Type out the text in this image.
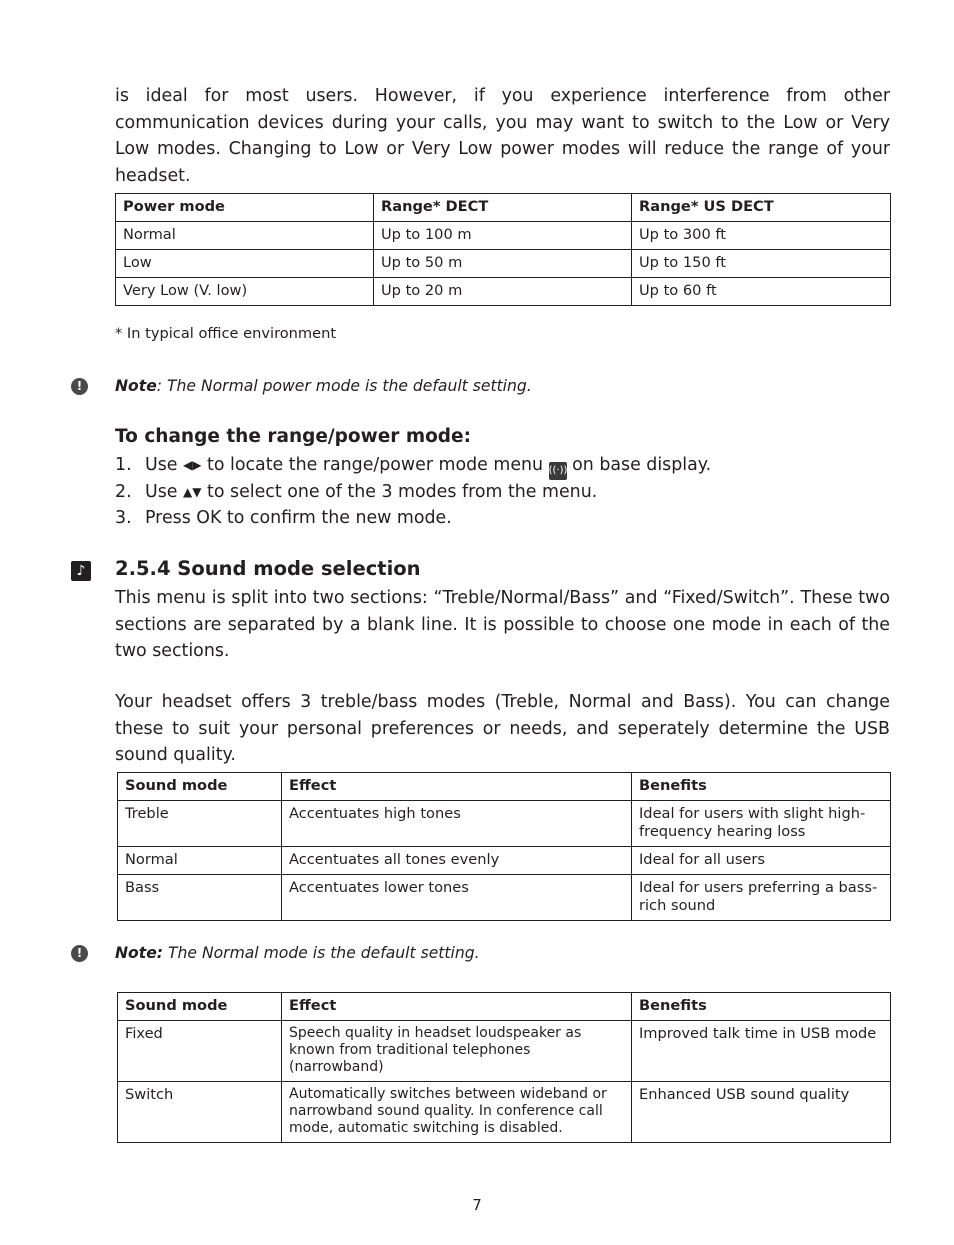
is ideal for most users. However, if you experience interference from other communication devices during your calls, you may want to switch to the Low or Very Low modes. Changing to Low or Very Low power modes will reduce the range of your headset.

Power mode	Range* DECT	Range* US DECT
Normal	Up to 100 m	Up to 300 ft
Low	Up to 50 m	Up to 150 ft
Very Low (V. low)	Up to 20 m	Up to 60 ft
* In typical office environment
!	Note: The Normal power mode is the default setting.
To change the range/power mode:
1. Use ◀▶ to locate the range/power mode menu ((·)) on base display.
2. Use ▲▼ to select one of the 3 modes from the menu.
3. Press OK to confirm the new mode.
♪ 2.5.4 Sound mode selection

This menu is split into two sections: “Treble/Normal/Bass” and “Fixed/Switch”. These two sections are separated by a blank line. It is possible to choose one mode in each of the two sections.

Your headset offers 3 treble/bass modes (Treble, Normal and Bass). You can change these to suit your personal preferences or needs, and seperately determine the USB sound quality.

Sound mode	Effect	Benefits
Treble	Accentuates high tones	Ideal for users with slight high-frequency hearing loss
Normal	Accentuates all tones evenly	Ideal for all users
Bass	Accentuates lower tones	Ideal for users preferring a bass-rich sound
!	Note: The Normal mode is the default setting.
Sound mode	Effect	Benefits
Fixed	Speech quality in headset loudspeaker as known from traditional telephones (narrowband)	Improved talk time in USB mode
Switch	Automatically switches between wideband or narrowband sound quality. In conference call mode, automatic switching is disabled.	Enhanced USB sound quality
7
